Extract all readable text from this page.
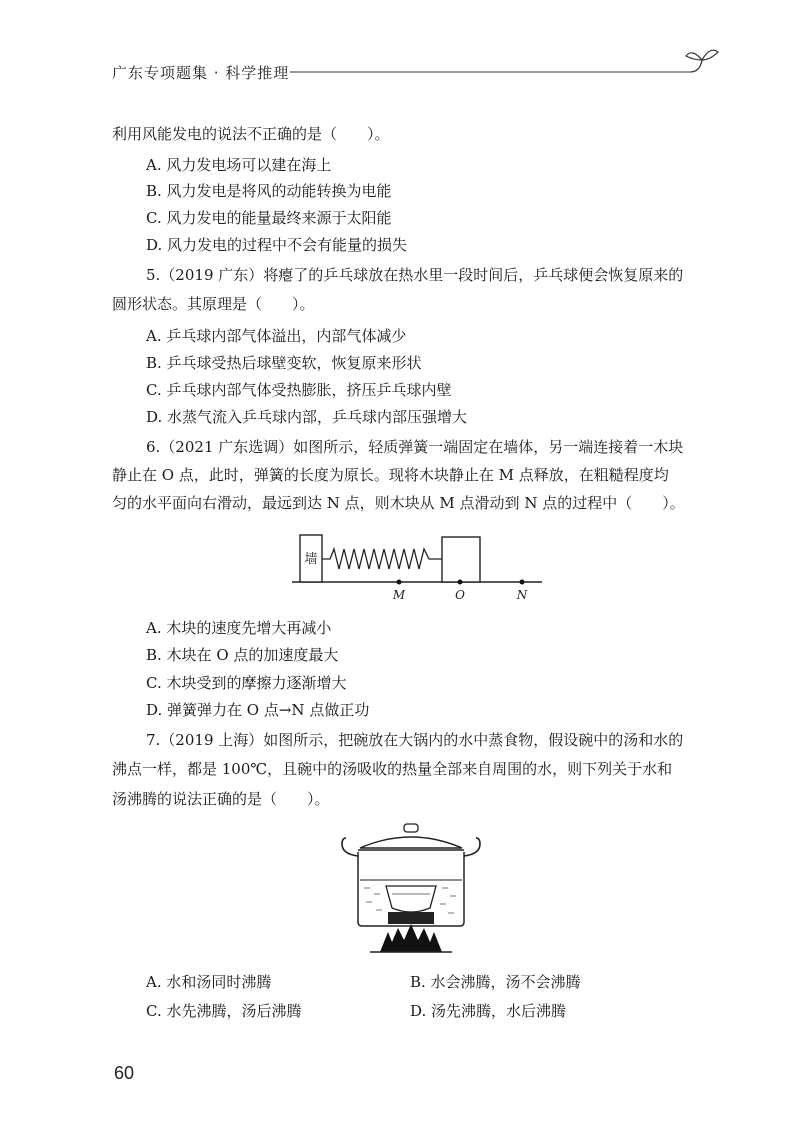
广东专项题集 · 科学推理
利用风能发电的说法不正确的是（　　）。
A. 风力发电场可以建在海上
B. 风力发电是将风的动能转换为电能
C. 风力发电的能量最终来源于太阳能
D. 风力发电的过程中不会有能量的损失
5.（2019 广东）将瘪了的乒乓球放在热水里一段时间后，乒乓球便会恢复原来的
圆形状态。其原理是（　　）。
A. 乒乓球内部气体溢出，内部气体减少
B. 乒乓球受热后球壁变软，恢复原来形状
C. 乒乓球内部气体受热膨胀，挤压乒乓球内壁
D. 水蒸气流入乒乓球内部，乒乓球内部压强增大
6.（2021 广东选调）如图所示，轻质弹簧一端固定在墙体，另一端连接着一木块
静止在 O 点，此时，弹簧的长度为原长。现将木块静止在 M 点释放，在粗糙程度均
匀的水平面向右滑动，最远到达 N 点，则木块从 M 点滑动到 N 点的过程中（　　）。
墙
M	O	N
A. 木块的速度先增大再减小
B. 木块在 O 点的加速度最大
C. 木块受到的摩擦力逐渐增大
D. 弹簧弹力在 O 点→N 点做正功
7.（2019 上海）如图所示，把碗放在大锅内的水中蒸食物，假设碗中的汤和水的
沸点一样，都是 100℃，且碗中的汤吸收的热量全部来自周围的水，则下列关于水和
汤沸腾的说法正确的是（　　）。
A. 水和汤同时沸腾	B. 水会沸腾，汤不会沸腾
C. 水先沸腾，汤后沸腾	D. 汤先沸腾，水后沸腾
60
